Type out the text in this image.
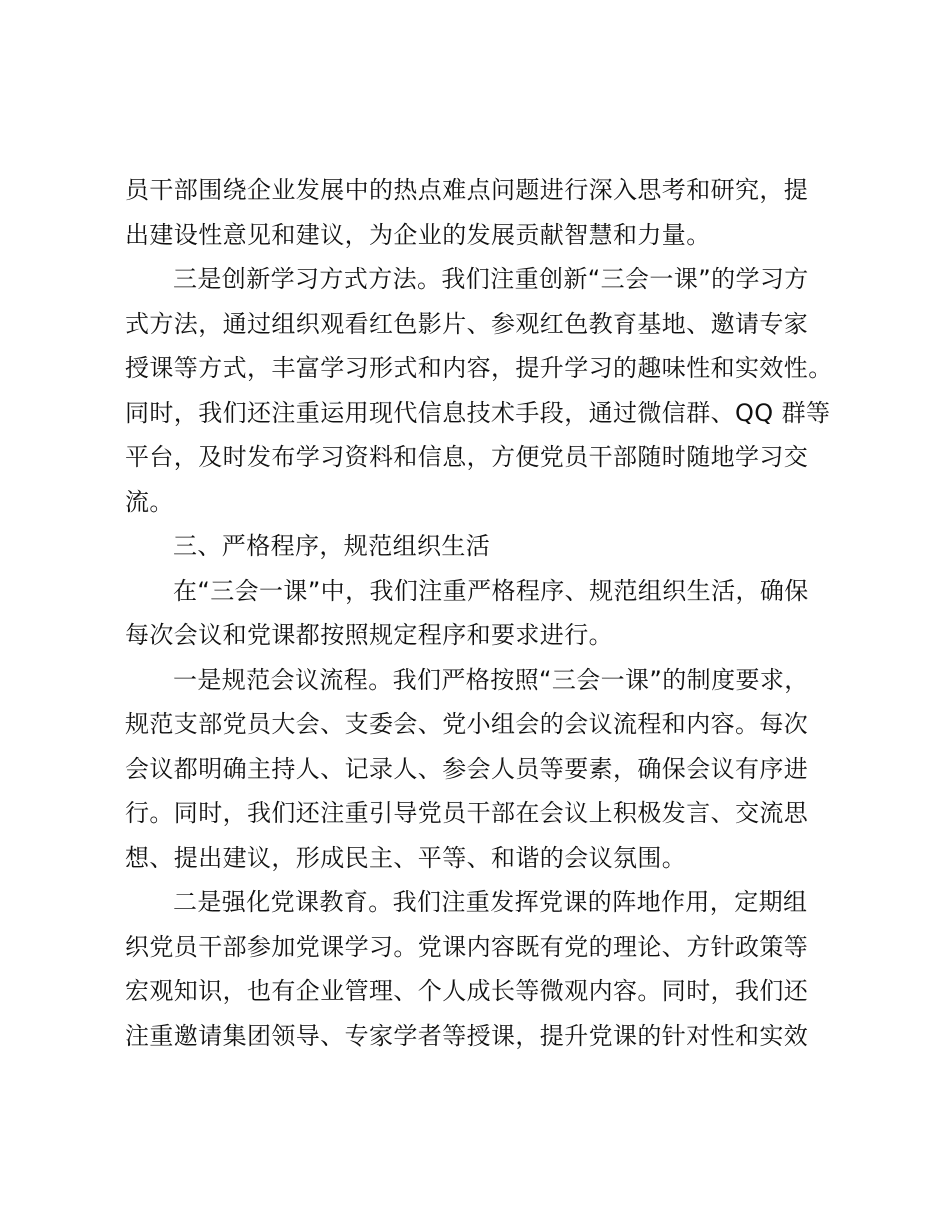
员干部围绕企业发展中的热点难点问题进行深入思考和研究，提
出建设性意见和建议，为企业的发展贡献智慧和力量。
三是创新学习方式方法。我们注重创新“三会一课”的学习方
式方法，通过组织观看红色影片、参观红色教育基地、邀请专家
授课等方式，丰富学习形式和内容，提升学习的趣味性和实效性。
同时，我们还注重运用现代信息技术手段，通过微信群、QQ 群等
平台，及时发布学习资料和信息，方便党员干部随时随地学习交
流。
三、严格程序，规范组织生活
在“三会一课”中，我们注重严格程序、规范组织生活，确保
每次会议和党课都按照规定程序和要求进行。
一是规范会议流程。我们严格按照“三会一课”的制度要求，
规范支部党员大会、支委会、党小组会的会议流程和内容。每次
会议都明确主持人、记录人、参会人员等要素，确保会议有序进
行。同时，我们还注重引导党员干部在会议上积极发言、交流思
想、提出建议，形成民主、平等、和谐的会议氛围。
二是强化党课教育。我们注重发挥党课的阵地作用，定期组
织党员干部参加党课学习。党课内容既有党的理论、方针政策等
宏观知识，也有企业管理、个人成长等微观内容。同时，我们还
注重邀请集团领导、专家学者等授课，提升党课的针对性和实效
